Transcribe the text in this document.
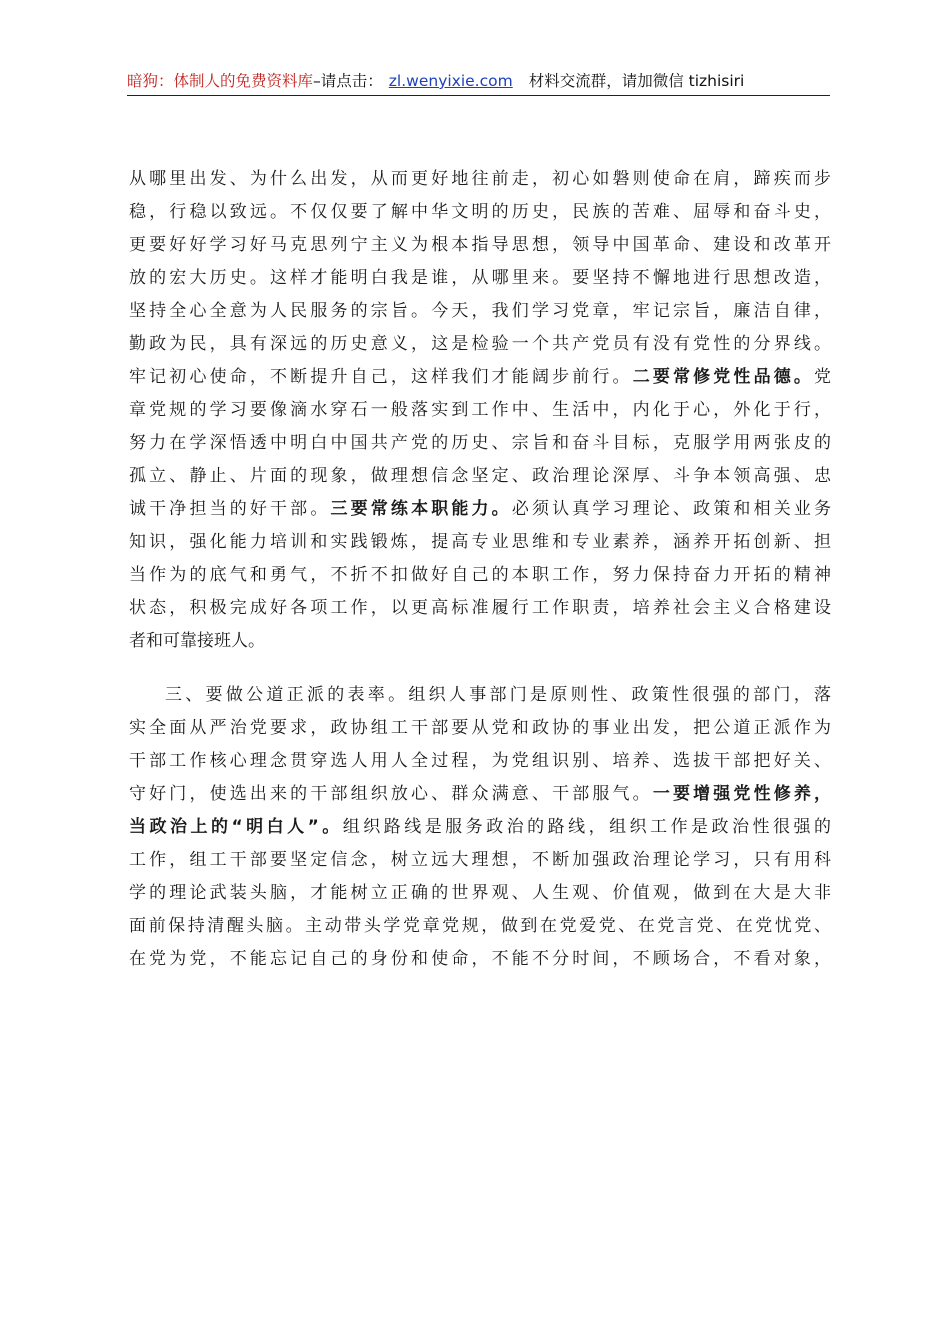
暗狗：体制人的免费资料库–请点击： zl.wenyixie.com 材料交流群，请加微信 tizhisiri
从哪里出发、为什么出发，从而更好地往前走，初心如磐则使命在肩，蹄疾而步
稳，行稳以致远。不仅仅要了解中华文明的历史，民族的苦难、屈辱和奋斗史，
更要好好学习好马克思列宁主义为根本指导思想，领导中国革命、建设和改革开
放的宏大历史。这样才能明白我是谁，从哪里来。要坚持不懈地进行思想改造，
坚持全心全意为人民服务的宗旨。今天，我们学习党章，牢记宗旨，廉洁自律，
勤政为民，具有深远的历史意义，这是检验一个共产党员有没有党性的分界线。
牢记初心使命，不断提升自己，这样我们才能阔步前行。二要常修党性品德。党
章党规的学习要像滴水穿石一般落实到工作中、生活中，内化于心，外化于行，
努力在学深悟透中明白中国共产党的历史、宗旨和奋斗目标，克服学用两张皮的
孤立、静止、片面的现象，做理想信念坚定、政治理论深厚、斗争本领高强、忠
诚干净担当的好干部。三要常练本职能力。必须认真学习理论、政策和相关业务
知识，强化能力培训和实践锻炼，提高专业思维和专业素养，涵养开拓创新、担
当作为的底气和勇气，不折不扣做好自己的本职工作，努力保持奋力开拓的精神
状态，积极完成好各项工作，以更高标准履行工作职责，培养社会主义合格建设
者和可靠接班人。
三、要做公道正派的表率。组织人事部门是原则性、政策性很强的部门，落
实全面从严治党要求，政协组工干部要从党和政协的事业出发，把公道正派作为
干部工作核心理念贯穿选人用人全过程，为党组识别、培养、选拔干部把好关、
守好门，使选出来的干部组织放心、群众满意、干部服气。一要增强党性修养，
当政治上的“明白人”。组织路线是服务政治的路线，组织工作是政治性很强的
工作，组工干部要坚定信念，树立远大理想，不断加强政治理论学习，只有用科
学的理论武装头脑，才能树立正确的世界观、人生观、价值观，做到在大是大非
面前保持清醒头脑。主动带头学党章党规，做到在党爱党、在党言党、在党忧党、
在党为党，不能忘记自己的身份和使命，不能不分时间，不顾场合，不看对象，
